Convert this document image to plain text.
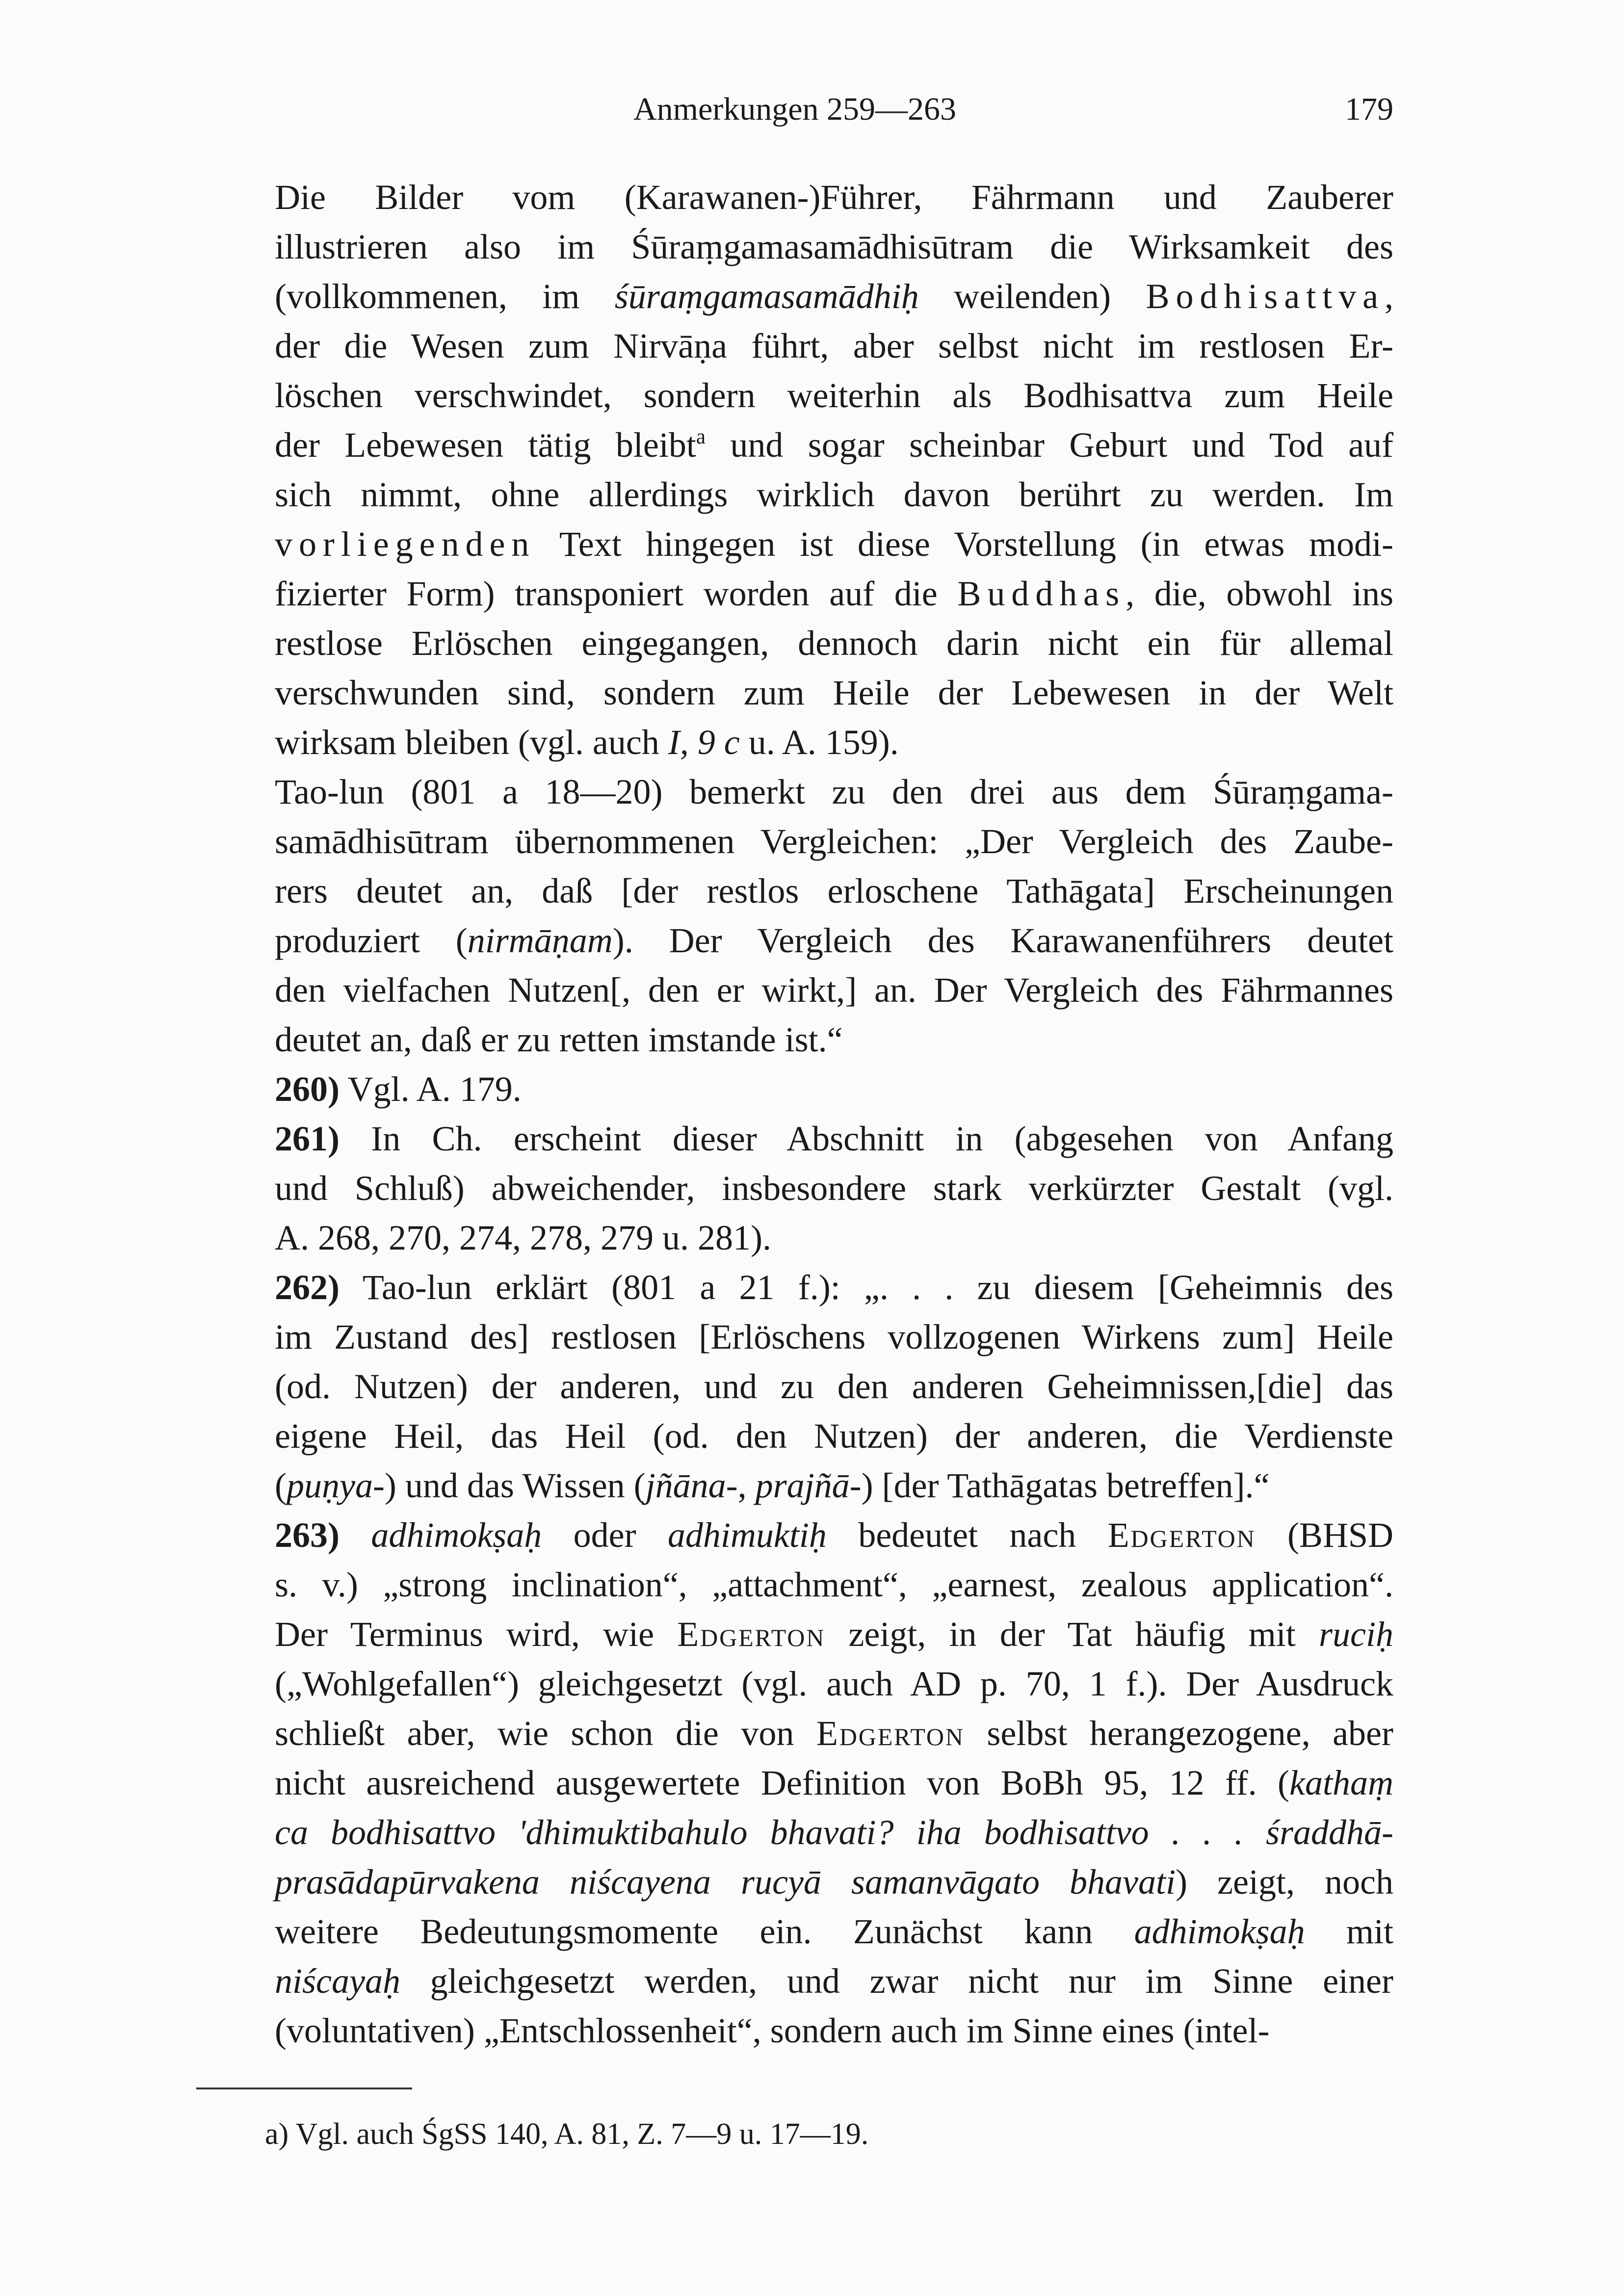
Anmerkungen 259—263	179

Die Bilder vom (Karawanen-)Führer, Fährmann und Zauberer
illustrieren also im Śūraṃgamasamādhisūtram die Wirksamkeit des
(vollkommenen, im śūraṃgamasamādhiḥ weilenden) Bodhisattva,
der die Wesen zum Nirvāṇa führt, aber selbst nicht im restlosen Er-
löschen verschwindet, sondern weiterhin als Bodhisattva zum Heile
der Lebewesen tätig bleibt$^a$ und sogar scheinbar Geburt und Tod auf
sich nimmt, ohne allerdings wirklich davon berührt zu werden. Im
vorliegenden Text hingegen ist diese Vorstellung (in etwas modi-
fizierter Form) transponiert worden auf die Buddhas, die, obwohl ins
restlose Erlöschen eingegangen, dennoch darin nicht ein für allemal
verschwunden sind, sondern zum Heile der Lebewesen in der Welt
wirksam bleiben (vgl. auch I, 9 c u. A. 159).

Tao-lun (801 a 18—20) bemerkt zu den drei aus dem Śūraṃgama-
samādhisūtram übernommenen Vergleichen: „Der Vergleich des Zaube-
rers deutet an, daß [der restlos erloschene Tathāgata] Erscheinungen
produziert (nirmāṇam). Der Vergleich des Karawanenführers deutet
den vielfachen Nutzen[, den er wirkt,] an. Der Vergleich des Fährmannes
deutet an, daß er zu retten imstande ist.“

260) Vgl. A. 179.

261) In Ch. erscheint dieser Abschnitt in (abgesehen von Anfang
und Schluß) abweichender, insbesondere stark verkürzter Gestalt (vgl.
A. 268, 270, 274, 278, 279 u. 281).

262) Tao-lun erklärt (801 a 21 f.): „. . . zu diesem [Geheimnis des
im Zustand des] restlosen [Erlöschens vollzogenen Wirkens zum] Heile
(od. Nutzen) der anderen, und zu den anderen Geheimnissen,[die] das
eigene Heil, das Heil (od. den Nutzen) der anderen, die Verdienste
(puṇya-) und das Wissen (jñāna-, prajñā-) [der Tathāgatas betreffen].“

263) adhimokṣaḥ oder adhimuktiḥ bedeutet nach Edgerton (BHSD
s. v.) „strong inclination“, „attachment“, „earnest, zealous application“.
Der Terminus wird, wie Edgerton zeigt, in der Tat häufig mit ruciḥ
(„Wohlgefallen“) gleichgesetzt (vgl. auch AD p. 70, 1 f.). Der Ausdruck
schließt aber, wie schon die von Edgerton selbst herangezogene, aber
nicht ausreichend ausgewertete Definition von BoBh 95, 12 ff. (kathaṃ
ca bodhisattvo 'dhimuktibahulo bhavati? iha bodhisattvo . . . śraddhā-
prasādapūrvakena niścayena rucyā samanvāgato bhavati) zeigt, noch
weitere Bedeutungsmomente ein. Zunächst kann adhimokṣaḥ mit
niścayaḥ gleichgesetzt werden, und zwar nicht nur im Sinne einer
(voluntativen) „Entschlossenheit“, sondern auch im Sinne eines (intel-

a) Vgl. auch ŚgSS 140, A. 81, Z. 7—9 u. 17—19.
